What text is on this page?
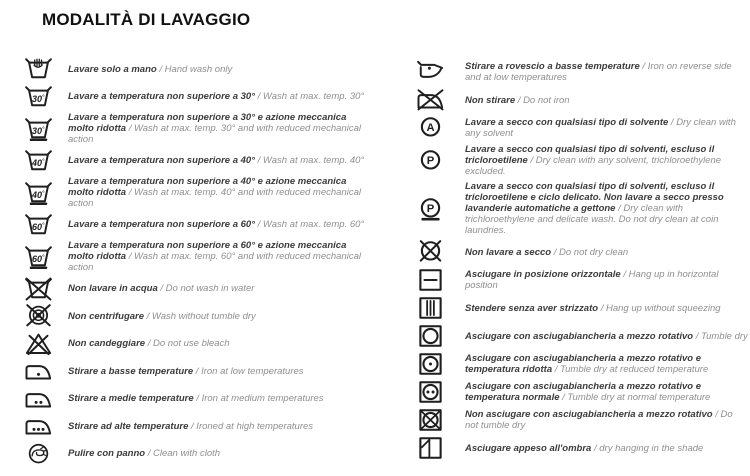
MODALITÀ DI LAVAGGIO
Lavare solo a mano / Hand wash only
30° Lavare a temperatura non superiore a 30° / Wash at max. temp. 30°
30°
Lavare a temperatura non superiore a 30° e azione meccanica molto ridotta / Wash at max. temp. 30° and with reduced mechanical action
40° Lavare a temperatura non superiore a 40° / Wash at max. temp. 40°
40°
Lavare a temperatura non superiore a 40° e azione meccanica molto ridotta / Wash at max. temp. 40° and with reduced mechanical action
60° Lavare a temperatura non superiore a 60° / Wash at max. temp. 60°
60°
Lavare a temperatura non superiore a 60° e azione meccanica molto ridotta / Wash at max. temp. 60° and with reduced mechanical action
Non lavare in acqua / Do not wash in water
Non centrifugare / Wash without tumble dry
Non candeggiare / Do not use bleach
Stirare a basse temperature / Iron at low temperatures
Stirare a medie temperature / Iron at medium temperatures
Stirare ad alte temperature / Ironed at high temperatures
Pulire con panno / Clean with cloth
Stirare a rovescio a basse temperature / Iron on reverse side and at low temperatures
Non stirare / Do not iron
A	Lavare a secco con qualsiasi tipo di solvente / Dry clean with any solvent
P
Lavare a secco con qualsiasi tipo di solventi, escluso il tricloroetilene / Dry clean with any solvent, trichloroethylene excluded.
P
Lavare a secco con qualsiasi tipo di solventi, escluso il tricloroetilene e ciclo delicato. Non lavare a secco presso lavanderie automatiche a gettone / Dry clean with trichloroethylene and delicate wash. Do not dry clean at coin laundries.
Non lavare a secco / Do not dry clean
Asciugare in posizione orizzontale / Hang up in horizontal position
Stendere senza aver strizzato / Hang up without squeezing
Asciugare con asciugabiancheria a mezzo rotativo / Tumble dry
Asciugare con asciugabiancheria a mezzo rotativo e temperatura ridotta / Tumble dry at reduced temperature
Asciugare con asciugabiancheria a mezzo rotativo e temperatura normale / Tumble dry at normal temperature
Non asciugare con asciugabiancheria a mezzo rotativo / Do not tumble dry
Asciugare appeso all'ombra / dry hanging in the shade
